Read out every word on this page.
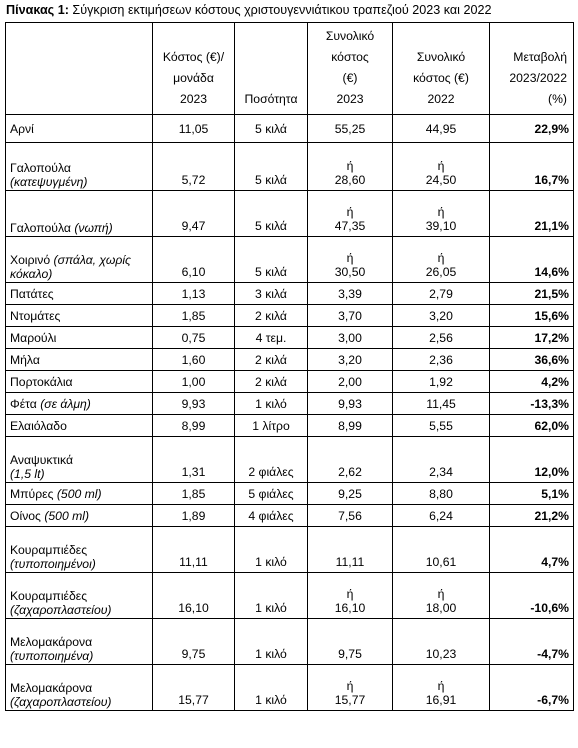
Πίνακας 1: Σύγκριση εκτιμήσεων κόστους χριστουγεννιάτικου τραπεζιού 2023 και 2022

	Κόστος (€)/
μονάδα
2023	Ποσότητα	Συνολικό
κόστος
(€)
2023	Συνολικό
κόστος (€)
2022	Μεταβολή
2023/2022
(%)

Αρνί	11,05	5 κιλά	55,25	44,95	22,9%

Γαλοπούλα
(κατεψυγμένη)	5,72	5 κιλά	ή
28,60	ή
24,50	16,7%
Γαλοπούλα (νωπή)	9,47	5 κιλά	ή
47,35	ή
39,10	21,1%
Χοιρινό (σπάλα, χωρίς κόκαλο)	6,10	5 κιλά	ή
30,50	ή
26,05	14,6%
Πατάτες	1,13	3 κιλά	3,39	2,79	21,5%
Ντομάτες	1,85	2 κιλά	3,70	3,20	15,6%
Μαρούλι	0,75	4 τεμ.	3,00	2,56	17,2%
Μήλα	1,60	2 κιλά	3,20	2,36	36,6%
Πορτοκάλια	1,00	2 κιλά	2,00	1,92	4,2%
Φέτα (σε άλμη)	9,93	1 κιλό	9,93	11,45	-13,3%
Ελαιόλαδο	8,99	1 λίτρο	8,99	5,55	62,0%

Αναψυκτικά
(1,5 lt)	1,31	2 φιάλες	2,62	2,34	12,0%
Μπύρες (500 ml)	1,85	5 φιάλες	9,25	8,80	5,1%
Οίνος (500 ml)	1,89	4 φιάλες	7,56	6,24	21,2%

Κουραμπιέδες
(τυποποιημένοι)	11,11	1 κιλό	11,11	10,61	4,7%

Κουραμπιέδες
(ζαχαροπλαστείου)	16,10	1 κιλό	ή
16,10	ή
18,00	-10,6%

Μελομακάρονα
(τυποποιημένα)	9,75	1 κιλό	9,75	10,23	-4,7%

Μελομακάρονα
(ζαχαροπλαστείου)	15,77	1 κιλό	ή
15,77	ή
16,91	-6,7%
